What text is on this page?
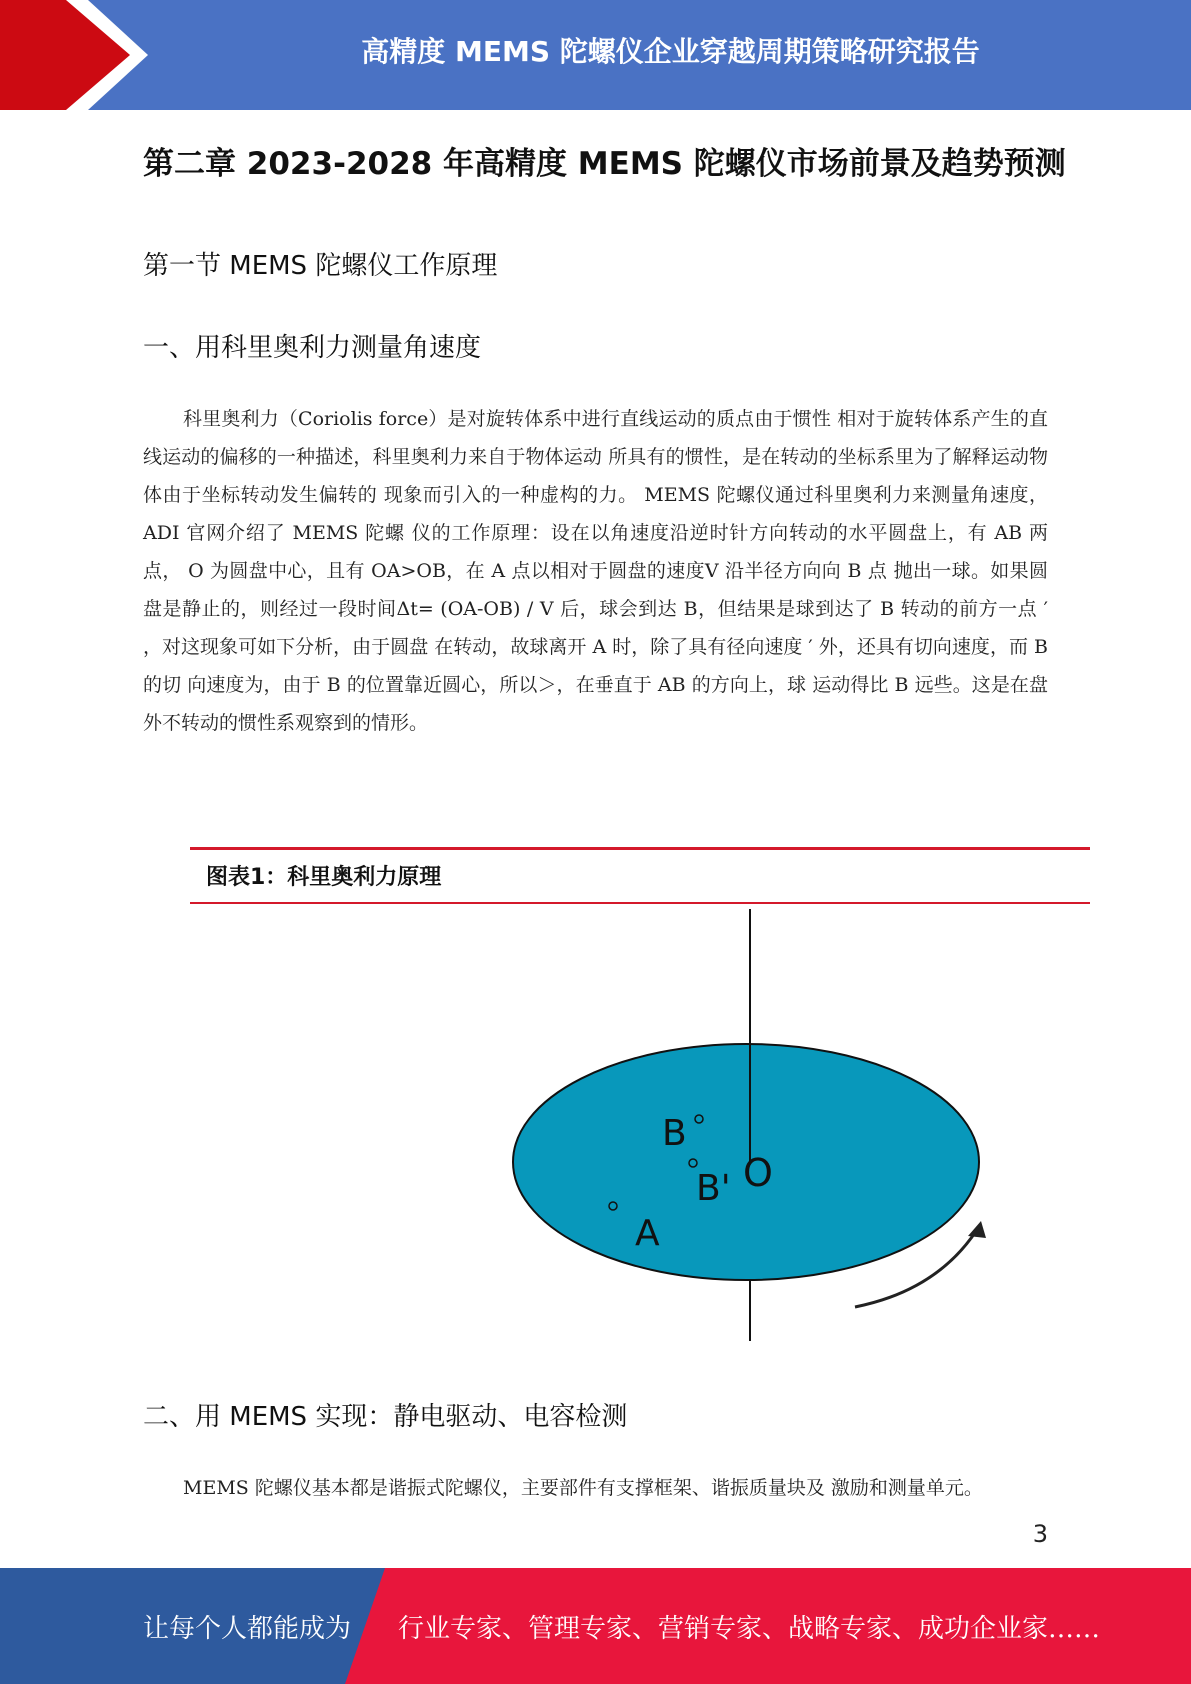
高精度 MEMS 陀螺仪企业穿越周期策略研究报告
第二章 2023-2028 年高精度 MEMS 陀螺仪市场前景及趋势预测
第一节 MEMS 陀螺仪工作原理
一、用科里奥利力测量角速度

科里奥利力（Coriolis force）是对旋转体系中进行直线运动的质点由于惯性 相对于旋转体系产生的直线运动的偏移的一种描述，科里奥利力来自于物体运动 所具有的惯性，是在转动的坐标系里为了解释运动物体由于坐标转动发生偏转的 现象而引入的一种虚构的力。 MEMS 陀螺仪通过科里奥利力来测量角速度，ADI 官网介绍了 MEMS 陀螺 仪的工作原理：设在以角速度沿逆时针方向转动的水平圆盘上，有 AB 两点， O 为圆盘中心，且有 OA>OB，在 A 点以相对于圆盘的速度V 沿半径方向向 B 点 抛出一球。如果圆盘是静止的，则经过一段时间Δt= (OA-OB) / V 后，球会到达 B，但结果是球到达了 B 转动的前方一点 ′ ，对这现象可如下分析，由于圆盘 在转动，故球离开 A 时，除了具有径向速度 ′ 外，还具有切向速度，而 B 的切 向速度为，由于 B 的位置靠近圆心，所以＞，在垂直于 AB 的方向上，球 运动得比 B 远些。这是在盘外不转动的惯性系观察到的情形。

图表1：科里奥利力原理
B
B' O
A
二、用 MEMS 实现：静电驱动、电容检测

MEMS 陀螺仪基本都是谐振式陀螺仪，主要部件有支撑框架、谐振质量块及 激励和测量单元。

3
让每个人都能成为 行业专家、管理专家、营销专家、战略专家、成功企业家……
